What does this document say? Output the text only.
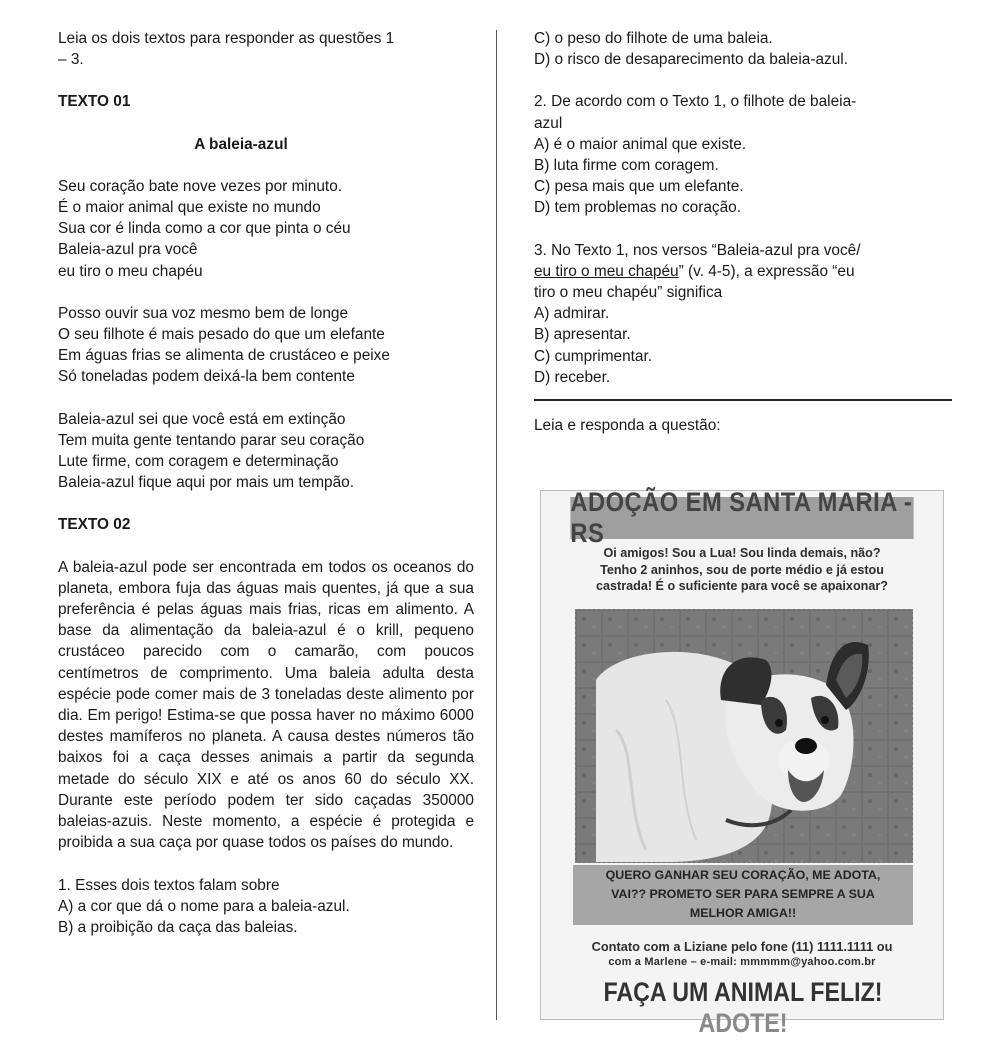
Leia os dois textos para responder as questões 1

– 3.

TEXTO 01

A baleia-azul

Seu coração bate nove vezes por minuto.

É o maior animal que existe no mundo

Sua cor é linda como a cor que pinta o céu

Baleia-azul pra você

eu tiro o meu chapéu

Posso ouvir sua voz mesmo bem de longe

O seu filhote é mais pesado do que um elefante

Em águas frias se alimenta de crustáceo e peixe

Só toneladas podem deixá-la bem contente

Baleia-azul sei que você está em extinção

Tem muita gente tentando parar seu coração

Lute firme, com coragem e determinação

Baleia-azul fique aqui por mais um tempão.

TEXTO 02

A baleia-azul pode ser encontrada em todos os oceanos do planeta, embora fuja das águas mais quentes, já que a sua preferência é pelas águas mais frias, ricas em alimento. A base da alimentação da baleia-azul é o krill, pequeno crustáceo parecido com o camarão, com poucos centímetros de comprimento. Uma baleia adulta desta espécie pode comer mais de 3 toneladas deste alimento por dia. Em perigo! Estima-se que possa haver no máximo 6000 destes mamíferos no planeta. A causa destes números tão baixos foi a caça desses animais a partir da segunda metade do século XIX e até os anos 60 do século XX. Durante este período podem ter sido caçadas 350000 baleias-azuis. Neste momento, a espécie é protegida e proibida a sua caça por quase todos os países do mundo.

1. Esses dois textos falam sobre

A) a cor que dá o nome para a baleia-azul.

B) a proibição da caça das baleias.

C) o peso do filhote de uma baleia.

D) o risco de desaparecimento da baleia-azul.

2. De acordo com o Texto 1, o filhote de baleia-

azul

A) é o maior animal que existe.

B) luta firme com coragem.

C) pesa mais que um elefante.

D) tem problemas no coração.

3. No Texto 1, nos versos “Baleia-azul pra você/

eu tiro o meu chapéu” (v. 4-5), a expressão “eu

tiro o meu chapéu” significa

A) admirar.

B) apresentar.

C) cumprimentar.

D) receber.

Leia e responda a questão:

ADOÇÃO EM SANTA MARIA - RS
Oi amigos! Sou a Lua! Sou linda demais, não?
Tenho 2 aninhos, sou de porte médio e já estou
castrada! É o suficiente para você se apaixonar?
QUERO GANHAR SEU CORAÇÃO, ME ADOTA,
VAI?? PROMETO SER PARA SEMPRE A SUA
MELHOR AMIGA!!
Contato com a Liziane pelo fone (11) 1111.1111 ou
com a Marlene – e-mail: mmmmm@yahoo.com.br
FAÇA UM ANIMAL FELIZ! ADOTE!
